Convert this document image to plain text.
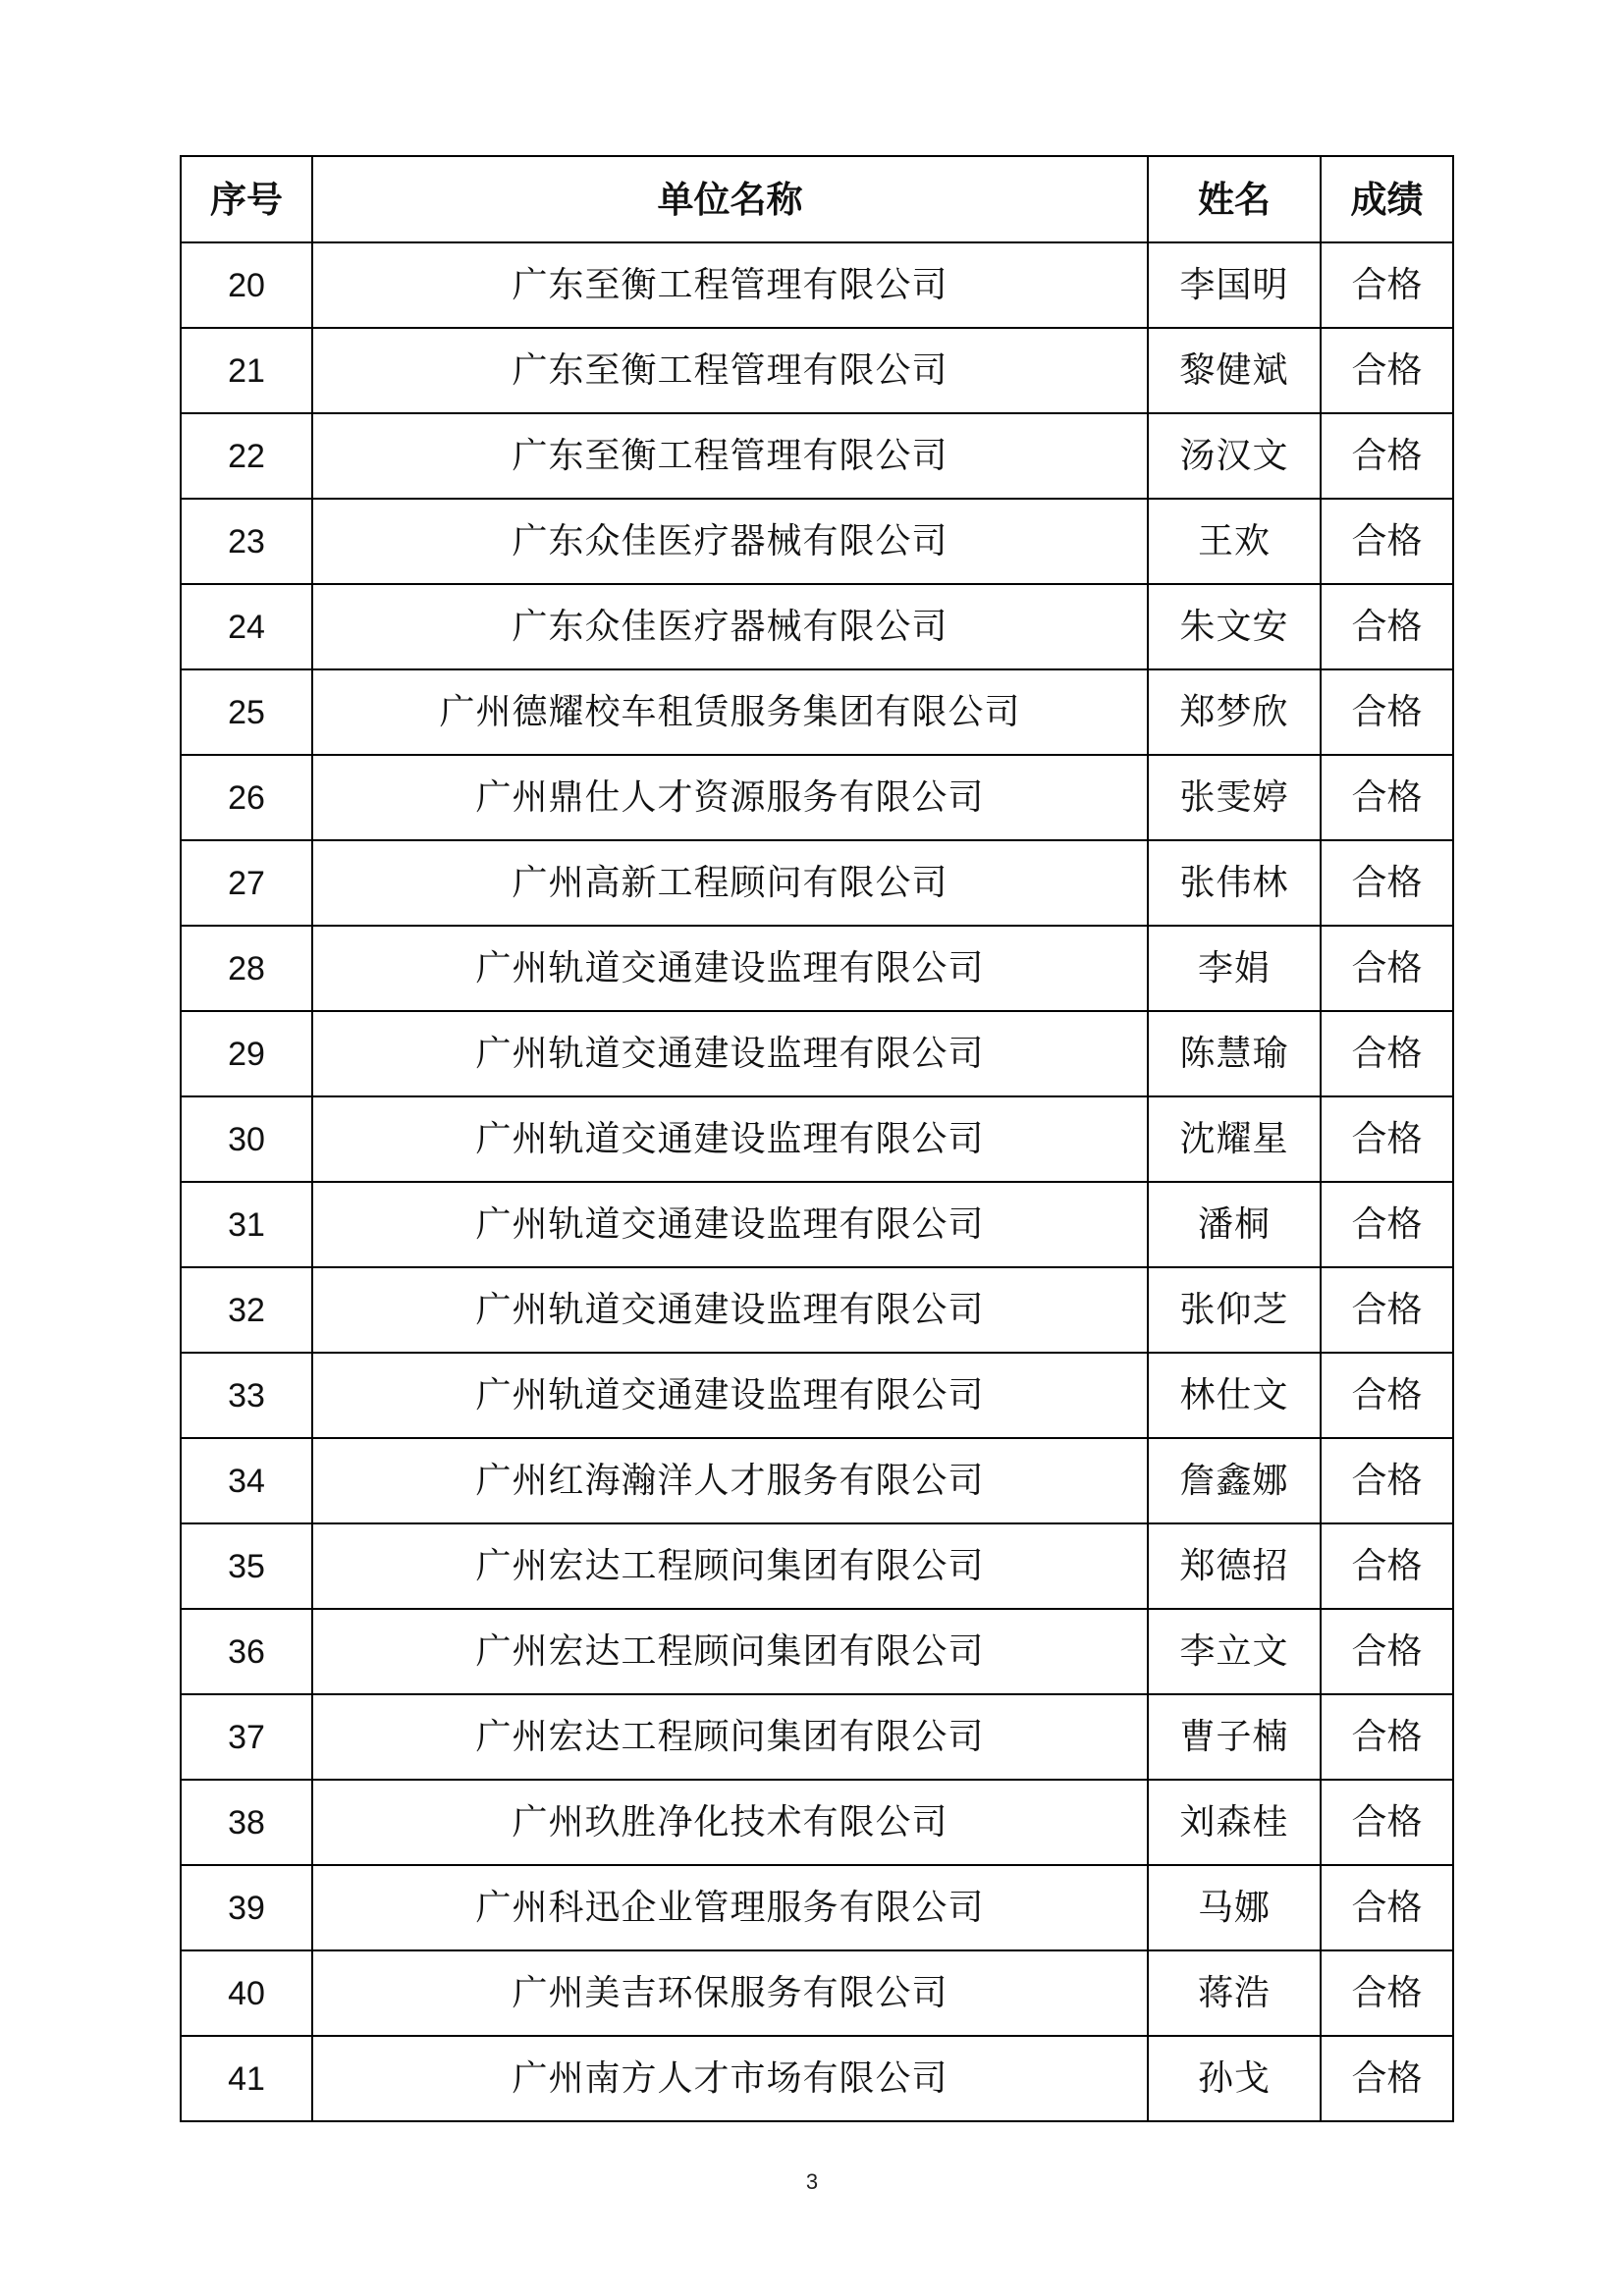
序号	单位名称	姓名	成绩
20	广东至衡工程管理有限公司	李国明	合格
21	广东至衡工程管理有限公司	黎健斌	合格
22	广东至衡工程管理有限公司	汤汉文	合格
23	广东众佳医疗器械有限公司	王欢	合格
24	广东众佳医疗器械有限公司	朱文安	合格
25	广州德耀校车租赁服务集团有限公司	郑梦欣	合格
26	广州鼎仕人才资源服务有限公司	张雯婷	合格
27	广州高新工程顾问有限公司	张伟林	合格
28	广州轨道交通建设监理有限公司	李娟	合格
29	广州轨道交通建设监理有限公司	陈慧瑜	合格
30	广州轨道交通建设监理有限公司	沈耀星	合格
31	广州轨道交通建设监理有限公司	潘桐	合格
32	广州轨道交通建设监理有限公司	张仰芝	合格
33	广州轨道交通建设监理有限公司	林仕文	合格
34	广州红海瀚洋人才服务有限公司	詹鑫娜	合格
35	广州宏达工程顾问集团有限公司	郑德招	合格
36	广州宏达工程顾问集团有限公司	李立文	合格
37	广州宏达工程顾问集团有限公司	曹子楠	合格
38	广州玖胜净化技术有限公司	刘森桂	合格
39	广州科迅企业管理服务有限公司	马娜	合格
40	广州美吉环保服务有限公司	蒋浩	合格
41	广州南方人才市场有限公司	孙戈	合格
3
